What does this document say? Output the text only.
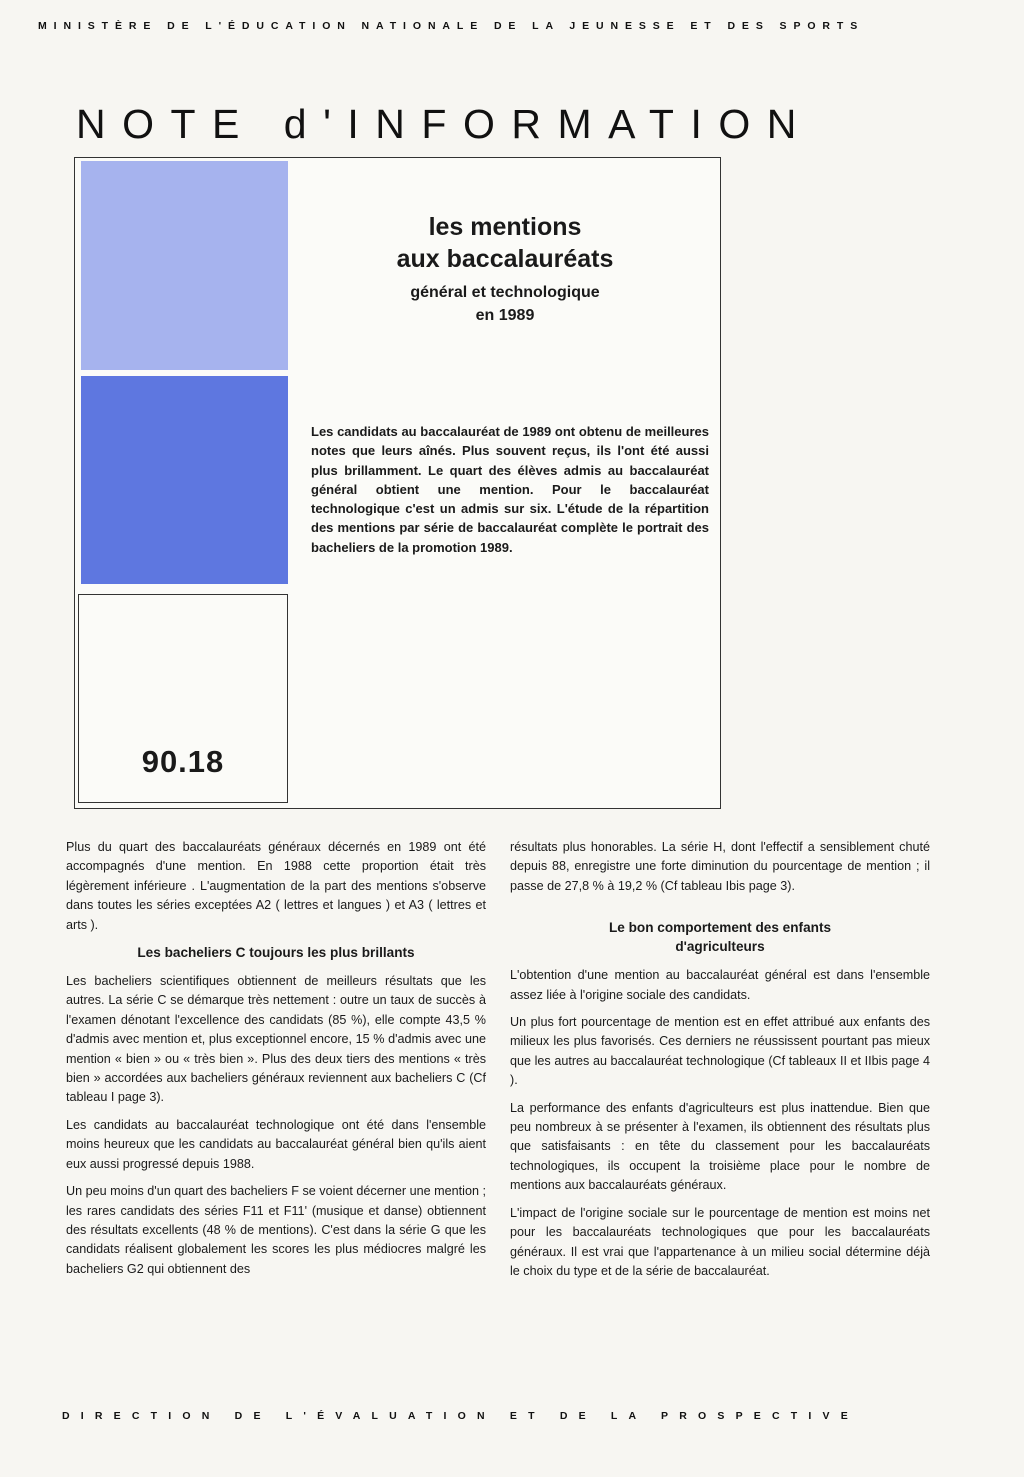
MINISTÈRE DE L'ÉDUCATION NATIONALE DE LA JEUNESSE ET DES SPORTS
NOTE d'INFORMATION
90.18
les mentions
aux baccalauréats
général et technologique
en 1989

Les candidats au baccalauréat de 1989 ont obtenu de meilleures notes que leurs aînés. Plus souvent reçus, ils l'ont été aussi plus brillamment. Le quart des élèves admis au baccalauréat général obtient une mention. Pour le baccalauréat technologique c'est un admis sur six. L'étude de la répartition des mentions par série de baccalauréat complète le portrait des bacheliers de la promotion 1989.

Plus du quart des baccalauréats généraux décernés en 1989 ont été accompagnés d'une mention. En 1988 cette proportion était très légèrement inférieure . L'augmentation de la part des mentions s'observe dans toutes les séries exceptées A2 ( lettres et langues ) et A3 ( lettres et arts ).

Les bacheliers C toujours les plus brillants

Les bacheliers scientifiques obtiennent de meilleurs résultats que les autres. La série C se démarque très nettement : outre un taux de succès à l'examen dénotant l'excellence des candidats (85 %), elle compte 43,5 % d'admis avec mention et, plus exceptionnel encore, 15 % d'admis avec une mention « bien » ou « très bien ». Plus des deux tiers des mentions « très bien » accordées aux bacheliers généraux reviennent aux bacheliers C (Cf tableau I page 3).

Les candidats au baccalauréat technologique ont été dans l'ensemble moins heureux que les candidats au baccalauréat général bien qu'ils aient eux aussi progressé depuis 1988.

Un peu moins d'un quart des bacheliers F se voient décerner une mention ; les rares candidats des séries F11 et F11' (musique et danse) obtiennent des résultats excellents (48 % de mentions). C'est dans la série G que les candidats réalisent globalement les scores les plus médiocres malgré les bacheliers G2 qui obtiennent des

résultats plus honorables. La série H, dont l'effectif a sensiblement chuté depuis 88, enregistre une forte diminution du pourcentage de mention ; il passe de 27,8 % à 19,2 % (Cf tableau Ibis page 3).

Le bon comportement des enfants
d'agriculteurs

L'obtention d'une mention au baccalauréat général est dans l'ensemble assez liée à l'origine sociale des candidats.

Un plus fort pourcentage de mention est en effet attribué aux enfants des milieux les plus favorisés. Ces derniers ne réussissent pourtant pas mieux que les autres au baccalauréat technologique (Cf tableaux II et IIbis page 4 ).

La performance des enfants d'agriculteurs est plus inattendue. Bien que peu nombreux à se présenter à l'examen, ils obtiennent des résultats plus que satisfaisants : en tête du classement pour les baccalauréats technologiques, ils occupent la troisième place pour le nombre de mentions aux baccalauréats généraux.

L'impact de l'origine sociale sur le pourcentage de mention est moins net pour les baccalauréats technologiques que pour les baccalauréats généraux. Il est vrai que l'appartenance à un milieu social détermine déjà le choix du type et de la série de baccalauréat.

DIRECTION DE L'ÉVALUATION ET DE LA PROSPECTIVE
